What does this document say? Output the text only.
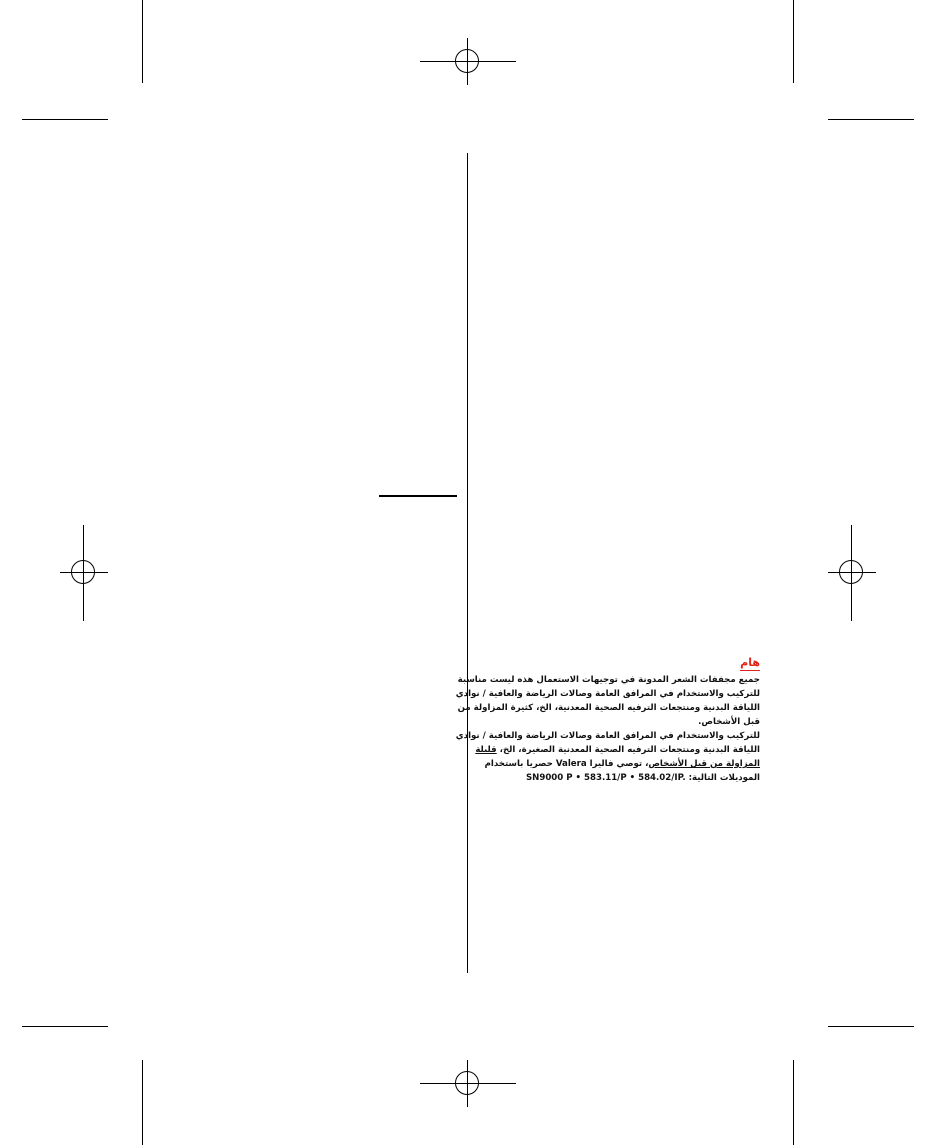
هام
جميع مجففات الشعر المدونة في توجيهات الاستعمال هذه ليست مناسبة
للتركيب والاستخدام في المرافق العامة وصالات الرياضة والعافية / نوادي
اللياقة البدنية ومنتجعات الترفيه الصحية المعدنية، الخ، كثيرة المزاولة من
قبل الأشخاص.
للتركيب والاستخدام في المرافق العامة وصالات الرياضة والعافية / نوادي
اللياقة البدنية ومنتجعات الترفيه الصحية المعدنية الصغيرة، الخ، قليلة
المزاولة من قبل الأشخاص، توصي فاليرا Valera حصريا باستخدام
الموديلات التالية: SN9000 P • 583.11/P • 584.02/IP.
